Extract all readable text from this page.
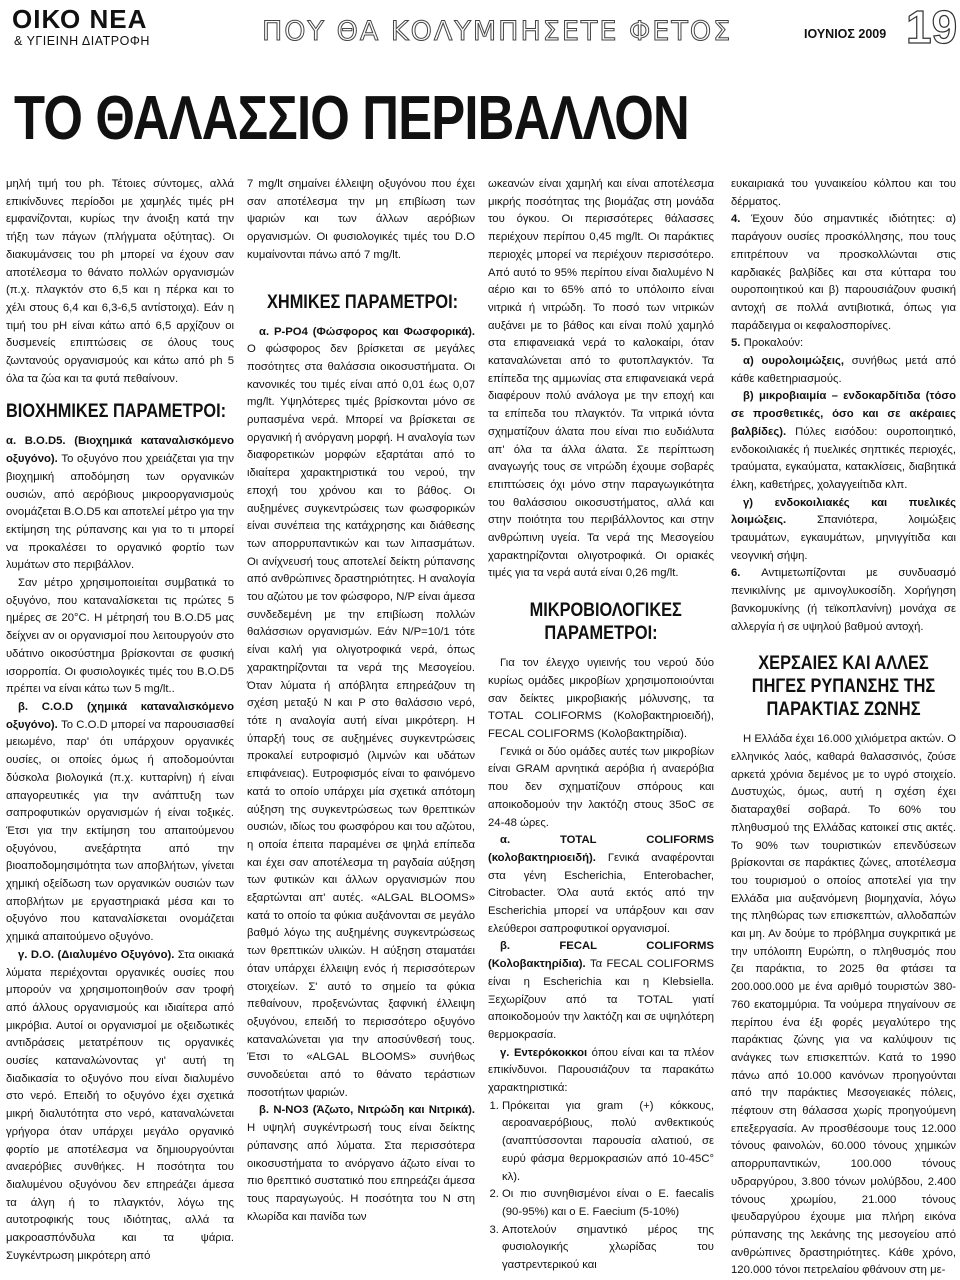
ΟΙΚΟ ΝΕΑ
& ΥΓΙΕΙΝΗ ΔΙΑΤΡΟΦΗ	ΠΟΥ ΘΑ ΚΟΛΥΜΠΗΣΕΤΕ ΦΕΤΟΣ	ΙΟΥΝΙΟΣ 2009 19
ΤΟ ΘΑΛΑΣΣΙΟ ΠΕΡΙΒΑΛΛΟΝ

μηλή τιμή του ph. Τέτοιες σύντομες, αλλά επικίνδυνες περίοδοι με χαμηλές τιμές pH εμφανίζονται, κυρίως την άνοιξη κατά την τήξη των πάγων (πλήγματα οξύτητας). Οι διακυμάνσεις του ph μπορεί να έχουν σαν αποτέλεσμα το θάνατο πολλών οργανισμών (π.χ. πλαγκτόν στο 6,5 και η πέρκα και το χέλι στους 6,4 και 6,3-6,5 αντίστοιχα). Εάν η τιμή του pH είναι κάτω από 6,5 αρχίζουν οι δυσμενείς επιπτώσεις σε όλους τους ζωντανούς οργανισμούς και κάτω από ph 5 όλα τα ζώα και τα φυτά πεθαίνουν.

ΒΙΟΧΗΜΙΚΕΣ ΠΑΡΑΜΕΤΡΟΙ:

α. B.O.D5. (Βιοχημικά καταναλισκόμενο οξυγόνο). Το οξυγόνο που χρειάζεται για την βιοχημική αποδόμηση των οργανικών ουσιών, από αερόβιους μικροοργανισμούς ονομάζεται B.O.D5 και αποτελεί μέτρο για την εκτίμηση της ρύπανσης και για το τι μπορεί να προκαλέσει το οργανικό φορτίο των λυμάτων στο περιβάλλον.

Σαν μέτρο χρησιμοποιείται συμβατικά το οξυγόνο, που καταναλίσκεται τις πρώτες 5 ημέρες σε 20°C. Η μέτρησή του B.O.D5 μας δείχνει αν οι οργανισμοί που λειτουργούν στο υδάτινο οικοσύστημα βρίσκονται σε φυσική ισορροπία. Οι φυσιολογικές τιμές του B.O.D5 πρέπει να είναι κάτω των 5 mg/lt..

β. C.O.D (χημικά καταναλισκόμενο οξυγόνο). Το C.O.D μπορεί να παρουσιασθεί μειωμένο, παρ' ότι υπάρχουν οργανικές ουσίες, οι οποίες όμως ή αποδομούνται δύσκολα βιολογικά (π.χ. κυτταρίνη) ή είναι απαγορευτικές για την ανάπτυξη των σαπροφυτικών οργανισμών ή είναι τοξικές. Έτσι για την εκτίμηση του απαιτούμενου οξυγόνου, ανεξάρτητα από την βιοαποδομησιμότητα των αποβλήτων, γίνεται χημική οξείδωση των οργανικών ουσιών των αποβλήτων με εργαστηριακά μέσα και το οξυγόνο που καταναλίσκεται ονομάζεται χημικά απαιτούμενο οξυγόνο.

γ. D.O. (Διαλυμένο Οξυγόνο). Στα οικιακά λύματα περιέχονται οργανικές ουσίες που μπορούν να χρησιμοποιηθούν σαν τροφή από άλλους οργανισμούς και ιδιαίτερα από μικρόβια. Αυτοί οι οργανισμοί με οξειδωτικές αντιδράσεις μετατρέπουν τις οργανικές ουσίες καταναλώνοντας γι' αυτή τη διαδικασία το οξυγόνο που είναι διαλυμένο στο νερό. Επειδή το οξυγόνο έχει σχετικά μικρή διαλυτότητα στο νερό, καταναλώνεται γρήγορα όταν υπάρχει μεγάλο οργανικό φορτίο με αποτέλεσμα να δημιουργούνται αναερόβιες συνθήκες. Η ποσότητα του διαλυμένου οξυγόνου δεν επηρεάζει άμεσα τα άλγη ή το πλαγκτόν, λόγω της αυτοτροφικής τους ιδιότητας, αλλά τα μακροασπόνδυλα και τα ψάρια. Συγκέντρωση μικρότερη από

7 mg/lt σημαίνει έλλειψη οξυγόνου που έχει σαν αποτέλεσμα την μη επιβίωση των ψαριών και των άλλων αερόβιων οργανισμών. Οι φυσιολογικές τιμές του D.O κυμαίνονται πάνω από 7 mg/lt.

ΧΗΜΙΚΕΣ ΠΑΡΑΜΕΤΡΟΙ:

α. P-PO4 (Φώσφορος και Φωσφορικά). Ο φώσφορος δεν βρίσκεται σε μεγάλες ποσότητες στα θαλάσσια οικοσυστήματα. Οι κανονικές του τιμές είναι από 0,01 έως 0,07 mg/lt. Υψηλότερες τιμές βρίσκονται μόνο σε ρυπασμένα νερά. Μπορεί να βρίσκεται σε οργανική ή ανόργανη μορφή. Η αναλογία των διαφορετικών μορφών εξαρτάται από το ιδιαίτερα χαρακτηριστικά του νερού, την εποχή του χρόνου και το βάθος. Οι αυξημένες συγκεντρώσεις των φωσφορικών είναι συνέπεια της κατάχρησης και διάθεσης των απορρυπαντικών και των λιπασμάτων. Οι ανίχνευσή τους αποτελεί δείκτη ρύπανσης από ανθρώπινες δραστηριότητες. Η αναλογία του αζώτου με τον φώσφορο, N/P είναι άμεσα συνδεδεμένη με την επιβίωση πολλών θαλάσσιων οργανισμών. Εάν N/P=10/1 τότε είναι καλή για ολιγοτροφικά νερά, όπως χαρακτηρίζονται τα νερά της Μεσογείου. Όταν λύματα ή απόβλητα επηρεάζουν τη σχέση μεταξύ N και P στο θαλάσσιο νερό, τότε η αναλογία αυτή είναι μικρότερη. Η ύπαρξή τους σε αυξημένες συγκεντρώσεις προκαλεί ευτροφισμό (λιμνών και υδάτων επιφάνειας). Ευτροφισμός είναι το φαινόμενο κατά το οποίο υπάρχει μία σχετικά απότομη αύξηση της συγκεντρώσεως των θρεπτικών ουσιών, ιδίως του φωσφόρου και του αζώτου, η οποία έπειτα παραμένει σε ψηλά επίπεδα και έχει σαν αποτέλεσμα τη ραγδαία αύξηση των φυτικών και άλλων οργανισμών που εξαρτώνται απ' αυτές. «ALGAL BLOOMS» κατά το οποίο τα φύκια αυξάνονται σε μεγάλο βαθμό λόγω της αυξημένης συγκεντρώσεως των θρεπτικών υλικών. Η αύξηση σταματάει όταν υπάρχει έλλειψη ενός ή περισσότερων στοιχείων. Σ' αυτό το σημείο τα φύκια πεθαίνουν, προξενώντας ξαφνική έλλειψη οξυγόνου, επειδή το περισσότερο οξυγόνο καταναλώνεται για την αποσύνθεσή τους. Έτσι το «ALGAL BLOOMS» συνήθως συνοδεύεται από το θάνατο τεράστιων ποσοτήτων ψαριών.

β. N-NO3 (Άζωτο, Νιτρώδη και Νιτρικά). Η υψηλή συγκέντρωσή τους είναι δείκτης ρύπανσης από λύματα. Στα περισσότερα οικοσυστήματα το ανόργανο άζωτο είναι το πιο θρεπτικό συστατικό που επηρεάζει άμεσα τους παραγωγούς. Η ποσότητα του N στη κλωρίδα και πανίδα των

ωκεανών είναι χαμηλή και είναι αποτέλεσμα μικρής ποσότητας της βιομάζας στη μονάδα του όγκου. Οι περισσότερες θάλασσες περιέχουν περίπου 0,45 mg/lt. Οι παράκτιες περιοχές μπορεί να περιέχουν περισσότερο. Από αυτό το 95% περίπου είναι διαλυμένο N αέριο και το 65% από το υπόλοιπο είναι νιτρικά ή νιτρώδη. Το ποσό των νιτρικών αυξάνει με το βάθος και είναι πολύ χαμηλό στα επιφανειακά νερά το καλοκαίρι, όταν καταναλώνεται από το φυτοπλαγκτόν. Τα επίπεδα της αμμωνίας στα επιφανειακά νερά διαφέρουν πολύ ανάλογα με την εποχή και τα επίπεδα του πλαγκτόν. Τα νιτρικά ιόντα σχηματίζουν άλατα που είναι πιο ευδιάλυτα απ' όλα τα άλλα άλατα. Σε περίπτωση αναγωγής τους σε νιτρώδη έχουμε σοβαρές επιπτώσεις όχι μόνο στην παραγωγικότητα του θαλάσσιου οικοσυστήματος, αλλά και στην ποιότητα του περιβάλλοντος και στην ανθρώπινη υγεία. Τα νερά της Μεσογείου χαρακτηρίζονται ολιγοτροφικά. Οι οριακές τιμές για τα νερά αυτά είναι 0,26 mg/lt.

ΜΙΚΡΟΒΙΟΛΟΓΙΚΕΣ ΠΑΡΑΜΕΤΡΟΙ:

Για τον έλεγχο υγιεινής του νερού δύο κυρίως ομάδες μικροβίων χρησιμοποιούνται σαν δείκτες μικροβιακής μόλυνσης, τα TOTAL COLIFORMS (Κολοβακτηριοειδή), FECAL COLIFORMS (Κολοβακτηρίδια).

Γενικά οι δύο ομάδες αυτές των μικροβίων είναι GRAM αρνητικά αερόβια ή αναερόβια που δεν σχηματίζουν σπόρους και αποικοδομούν την λακτόζη στους 35oC σε 24-48 ώρες.

α. TOTAL COLIFORMS (κολοβακτηριοειδή). Γενικά αναφέρονται στα γένη Escherichia, Enterobacher, Citrobacter. Όλα αυτά εκτός από την Escherichia μπορεί να υπάρξουν και σαν ελεύθεροι σαπροφυτικοί οργανισμοί.

β. FECAL COLIFORMS (Κολοβακτηρίδια). Τα FECAL COLIFORMS είναι η Escherichia και η Klebsiella. Ξεχωρίζουν από τα TOTAL γιατί αποικοδομούν την λακτόζη και σε υψηλότερη θερμοκρασία.

γ. Εντερόκοκκοι όπου είναι και τα πλέον επικίνδυνοι. Παρουσιάζουν τα παρακάτω χαρακτηριστικά:

1. Πρόκειται για gram (+) κόκκους, αεροαναερόβιους, πολύ ανθεκτικούς (αναπτύσσονται παρουσία αλατιού, σε ευρύ φάσμα θερμοκρασιών από 10-45C° κλ).
2. Οι πιο συνηθισμένοι είναι ο E. faecalis (90-95%) και ο E. Faecium (5-10%)
3. Αποτελούν σημαντικό μέρος της φυσιολογικής χλωρίδας του γαστρεντερικού και

ευκαιριακά του γυναικείου κόλπου και του δέρματος.

4. Έχουν δύο σημαντικές ιδιότητες: α) παράγουν ουσίες προσκόλλησης, που τους επιτρέπουν να προσκολλώνται στις καρδιακές βαλβίδες και στα κύτταρα του ουροποιητικού και β) παρουσιάζουν φυσική αντοχή σε πολλά αντιβιοτικά, όπως για παράδειγμα οι κεφαλοσπορίνες.

5. Προκαλούν:

α) ουρολοιμώξεις, συνήθως μετά από κάθε καθετηριασμούς.

β) μικροβιαιμία – ενδοκαρδίτιδα (τόσο σε προσθετικές, όσο και σε ακέραιες βαλβίδες). Πύλες εισόδου: ουροποιητικό, ενδοκοιλιακές ή πυελικές σηπτικές περιοχές, τραύματα, εγκαύματα, κατακλίσεις, διαβητικά έλκη, καθετήρες, χολαγγειίτιδα κλπ.

γ) ενδοκοιλιακές και πυελικές λοιμώξεις. Σπανιότερα, λοιμώξεις τραυμάτων, εγκαυμάτων, μηνιγγίτιδα και νεογνική σήψη.

6. Αντιμετωπίζονται με συνδυασμό πενικιλίνης με αμινογλυκοσίδη. Χορήγηση βανκομυκίνης (ή τεϊκοπλανίνη) μονάχα σε αλλεργία ή σε υψηλού βαθμού αντοχή.

ΧΕΡΣΑΙΕΣ ΚΑΙ ΑΛΛΕΣ ΠΗΓΕΣ ΡΥΠΑΝΣΗΣ ΤΗΣ ΠΑΡΑΚΤΙΑΣ ΖΩΝΗΣ

Η Ελλάδα έχει 16.000 χιλιόμετρα ακτών. Ο ελληνικός λαός, καθαρά θαλασσινός, ζούσε αρκετά χρόνια δεμένος με το υγρό στοιχείο. Δυστυχώς, όμως, αυτή η σχέση έχει διαταραχθεί σοβαρά. Το 60% του πληθυσμού της Ελλάδας κατοικεί στις ακτές. Το 90% των τουριστικών επενδύσεων βρίσκονται σε παράκτιες ζώνες, αποτέλεσμα του τουρισμού ο οποίος αποτελεί για την Ελλάδα μια αυξανόμενη βιομηχανία, λόγω της πληθώρας των επισκεπτών, αλλοδαπών και μη. Αν δούμε το πρόβλημα συγκριτικά με την υπόλοιπη Ευρώπη, ο πληθυσμός που ζει παράκτια, το 2025 θα φτάσει τα 200.000.000 με ένα αριθμό τουριστών 380-760 εκατομμύρια. Τα νούμερα πηγαίνουν σε περίπου ένα έξι φορές μεγαλύτερο της παράκτιας ζώνης για να καλύψουν τις ανάγκες των επισκεπτών. Κατά το 1990 πάνω από 10.000 κανόνων προηγούνται από την παράκτιες Μεσογειακές πόλεις, πέφτουν στη θάλασσα χωρίς προηγούμενη επεξεργασία. Αν προσθέσουμε τους 12.000 τόνους φαινολών, 60.000 τόνους χημικών απορρυπαντικών, 100.000 τόνους υδραργύρου, 3.800 τόνων μολύβδου, 2.400 τόνους χρωμίου, 21.000 τόνους ψευδαργύρου έχουμε μια πλήρη εικόνα ρύπανσης της λεκάνης της μεσογείου από ανθρώπινες δραστηριότητες. Κάθε χρόνο, 120.000 τόνοι πετρελαίου φθάνουν στη με-
